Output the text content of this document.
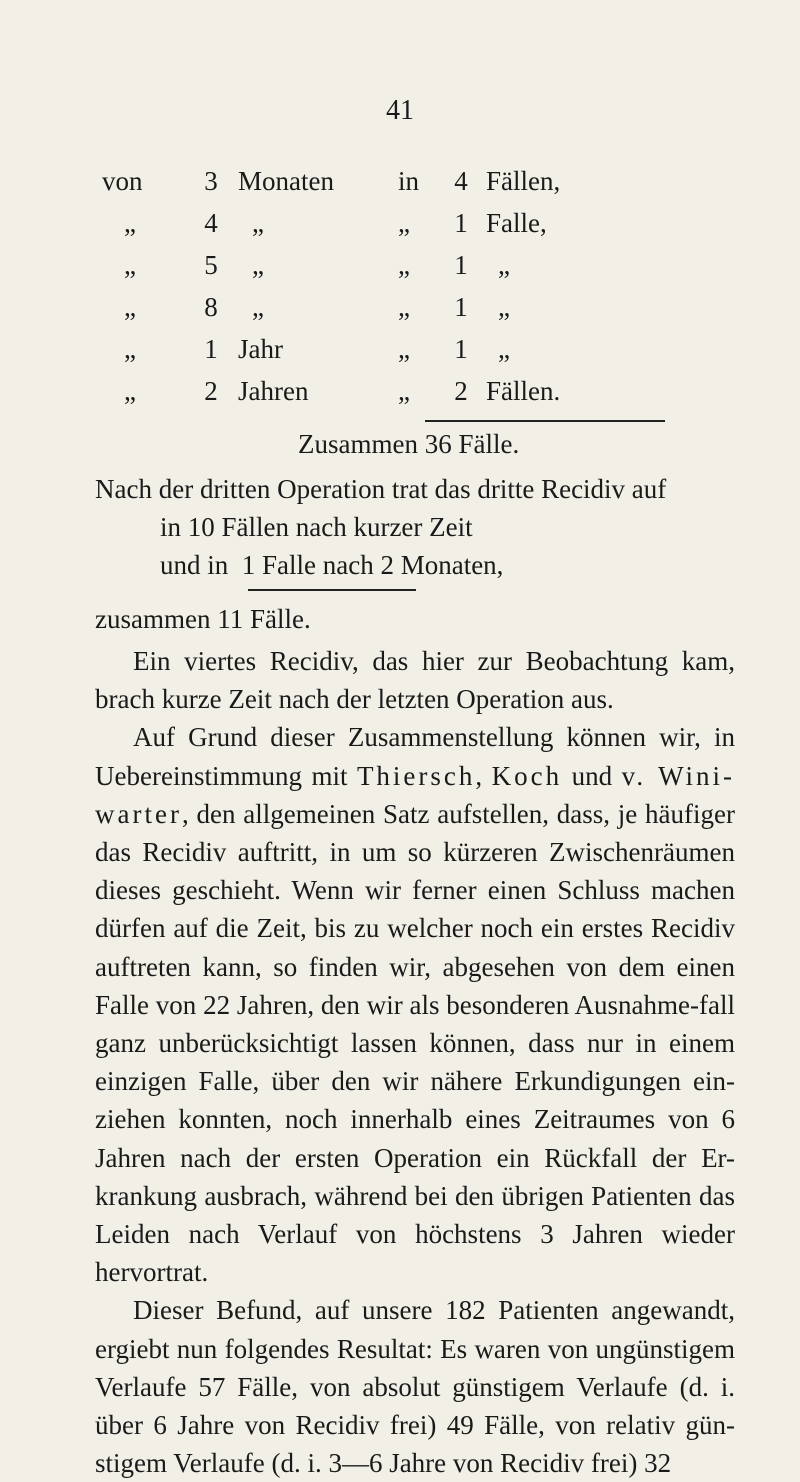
41
von	3	Monaten	in	4	Fällen,
„	4	„	„	1	Falle,
„	5	„	„	1	„
„	8	„	„	1	„
„	1	Jahr	„	1	„
„	2	Jahren	„	2	Fällen.
Zusammen 36 Fälle.
Nach der dritten Operation trat das dritte Recidiv auf
in 10 Fällen nach kurzer Zeit
und in  1 Falle nach 2 Monaten,
zusammen 11 Fälle.

Ein viertes Recidiv, das hier zur Beobachtung kam, brach kurze Zeit nach der letzten Operation aus.

Auf Grund dieser Zusammenstellung können wir, in Uebereinstimmung mit Thiersch, Koch und v. Wini-warter, den allgemeinen Satz aufstellen, dass, je häufiger das Recidiv auftritt, in um so kürzeren Zwischenräumen dieses geschieht. Wenn wir ferner einen Schluss machen dürfen auf die Zeit, bis zu welcher noch ein erstes Recidiv auftreten kann, so finden wir, abgesehen von dem einen Falle von 22 Jahren, den wir als besonderen Ausnahme-fall ganz unberücksichtigt lassen können, dass nur in einem einzigen Falle, über den wir nähere Erkundigungen ein-ziehen konnten, noch innerhalb eines Zeitraumes von 6 Jahren nach der ersten Operation ein Rückfall der Er-krankung ausbrach, während bei den übrigen Patienten das Leiden nach Verlauf von höchstens 3 Jahren wieder hervortrat.

Dieser Befund, auf unsere 182 Patienten angewandt, ergiebt nun folgendes Resultat: Es waren von ungünstigem Verlaufe 57 Fälle, von absolut günstigem Verlaufe (d. i. über 6 Jahre von Recidiv frei) 49 Fälle, von relativ gün-stigem Verlaufe (d. i. 3—6 Jahre von Recidiv frei) 32
